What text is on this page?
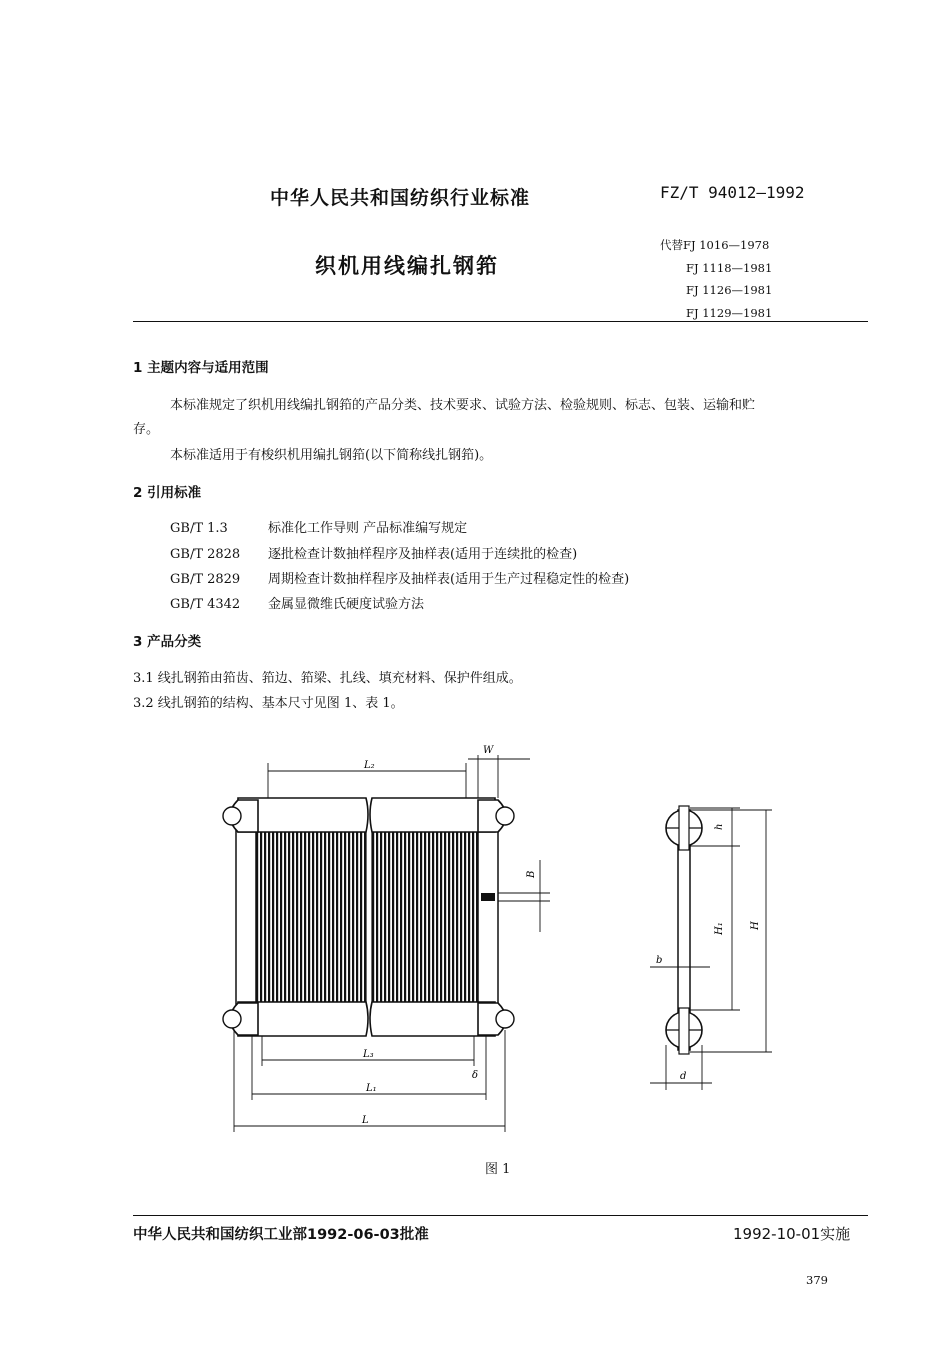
中华人民共和国纺织行业标准	FZ/T 94012—1992
织机用线编扎钢筘
代替FJ 1016—1978
FJ 1118—1981
FJ 1126—1981
FJ 1129—1981
1 主题内容与适用范围
本标准规定了织机用线编扎钢筘的产品分类、技术要求、试验方法、检验规则、标志、包装、运输和贮
存。
本标准适用于有梭织机用编扎钢筘(以下简称线扎钢筘)。
2 引用标准
GB/T 1.3	标准化工作导则 产品标准编写规定
GB/T 2828 逐批检查计数抽样程序及抽样表(适用于连续批的检查)
GB/T 2829 周期检查计数抽样程序及抽样表(适用于生产过程稳定性的检查)
GB/T 4342 金属显微维氏硬度试验方法
3 产品分类
3.1 线扎钢筘由筘齿、筘边、筘梁、扎线、填充材料、保护件组成。
3.2 线扎钢筘的结构、基本尺寸见图 1、表 1。
W
L₂
B
L₃
δ
L₁
L
h
H₁	H
b
d
图 1
中华人民共和国纺织工业部1992-06-03批准	1992-10-01实施
379
